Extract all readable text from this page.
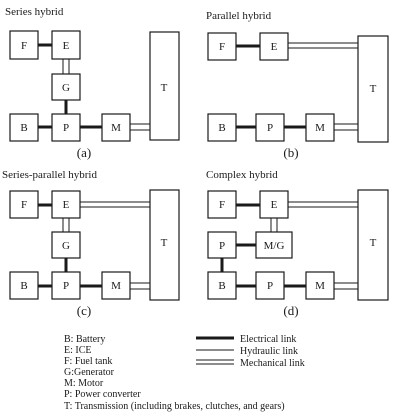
Series hybrid
F	E
G
B	P	M
T
(a)
Parallel hybrid
F	E
B	P	M
T
(b)
Series-parallel hybrid
F	E
G
B	P	M
T
(c)
Complex hybrid
F	E
P	M/G
B	P	M
T
(d)
B: Battery
E: ICE
F: Fuel tank
G:Generator
M: Motor
P: Power converter
T: Transmission (including brakes, clutches, and gears)
Electrical link
Hydraulic link
Mechanical link
